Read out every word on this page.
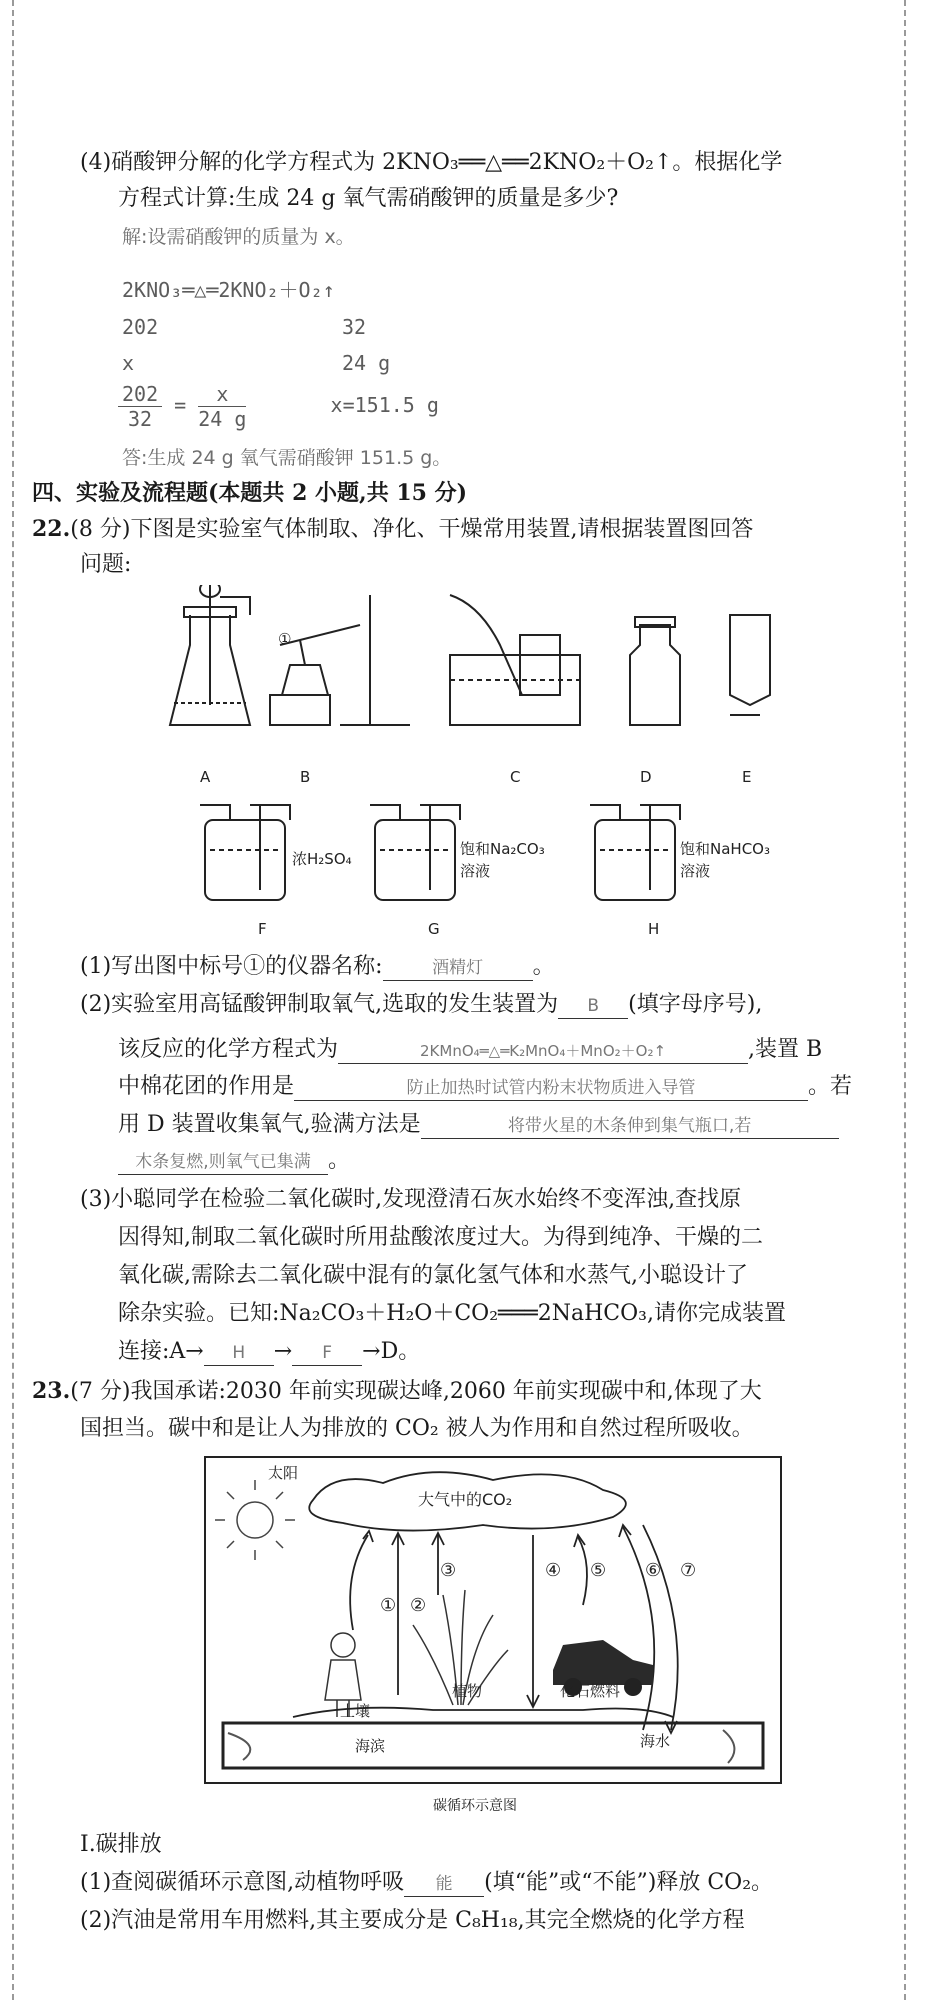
(4)硝酸钾分解的化学方程式为 2KNO₃══△══2KNO₂＋O₂↑。根据化学
方程式计算:生成 24 g 氧气需硝酸钾的质量是多少?
解:设需硝酸钾的质量为 x。
2KNO₃═△═2KNO₂＋O₂↑
202	32
x	24 g
$\frac{202}{32} = \frac{x}{24 g}$	x=151.5 g
答:生成 24 g 氧气需硝酸钾 151.5 g。
四、实验及流程题(本题共 2 小题,共 15 分)
22.(8 分)下图是实验室气体制取、净化、干燥常用装置,请根据装置图回答
问题:
A	B	C	D	E
①
浓H₂SO₄
饱和Na₂CO₃
溶液
饱和NaHCO₃
溶液
F	G	H
(1)写出图中标号①的仪器名称:	酒精灯 。
(2)实验室用高锰酸钾制取氧气,选取的发生装置为 B (填字母序号),
该反应的化学方程式为	2KMnO₄═△═K₂MnO₄＋MnO₂＋O₂↑	,装置 B
中棉花团的作用是	防止加热时试管内粉末状物质进入导管	。若
用 D 装置收集氧气,验满方法是	将带火星的木条伸到集气瓶口,若
木条复燃,则氧气已集满 。
(3)小聪同学在检验二氧化碳时,发现澄清石灰水始终不变浑浊,查找原
因得知,制取二氧化碳时所用盐酸浓度过大。为得到纯净、干燥的二
氧化碳,需除去二氧化碳中混有的氯化氢气体和水蒸气,小聪设计了
除杂实验。已知:Na₂CO₃＋H₂O＋CO₂═══2NaHCO₃,请你完成装置
连接:A→ H → F →D。
23.(7 分)我国承诺:2030 年前实现碳达峰,2060 年前实现碳中和,体现了大
国担当。碳中和是让人为排放的 CO₂ 被人为作用和自然过程所吸收。
太阳
大气中的CO₂
① ②
③	④ ⑤ ⑥ ⑦
植物	化石燃料
土壤
海滨	海水
碳循环示意图
Ⅰ.碳排放
(1)查阅碳循环示意图,动植物呼吸 能 (填“能”或“不能”)释放 CO₂。
(2)汽油是常用车用燃料,其主要成分是 C₈H₁₈,其完全燃烧的化学方程
